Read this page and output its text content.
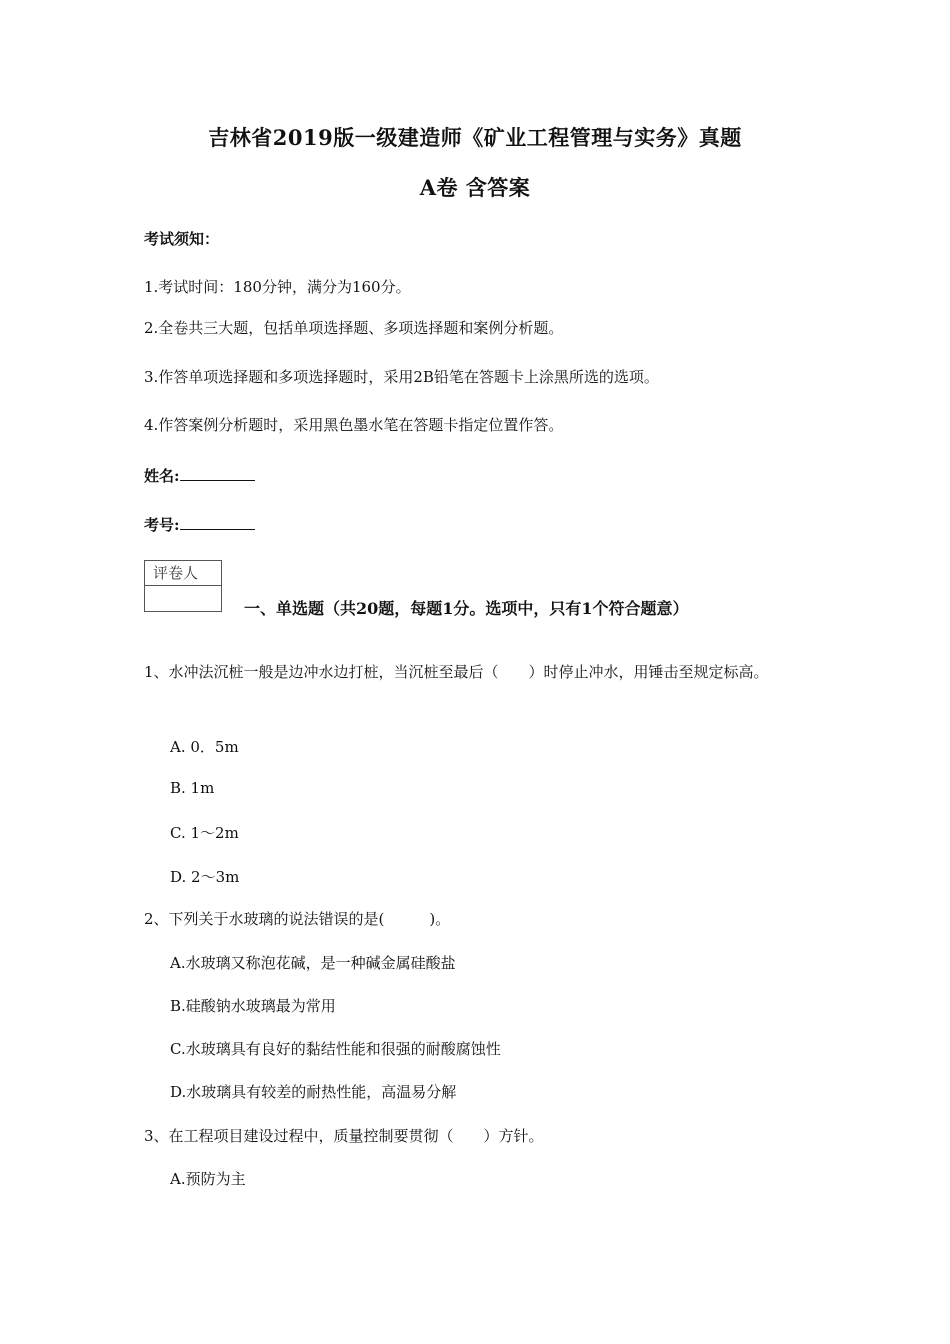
吉林省2019版一级建造师《矿业工程管理与实务》真题
A卷 含答案
考试须知：
1.考试时间：180分钟，满分为160分。
2.全卷共三大题，包括单项选择题、多项选择题和案例分析题。
3.作答单项选择题和多项选择题时，采用2B铅笔在答题卡上涂黑所选的选项。
4.作答案例分析题时，采用黑色墨水笔在答题卡指定位置作答。
姓名:
考号:
评卷人
一、单选题（共20题，每题1分。选项中，只有1个符合题意）
1、水冲法沉桩一般是边冲水边打桩，当沉桩至最后（　　）时停止冲水，用锤击至规定标高。
A. 0．5m
B. 1m
C. 1～2m
D. 2～3m
2、下列关于水玻璃的说法错误的是(　　　)。
A.水玻璃又称泡花碱，是一种碱金属硅酸盐
B.硅酸钠水玻璃最为常用
C.水玻璃具有良好的黏结性能和很强的耐酸腐蚀性
D.水玻璃具有较差的耐热性能，高温易分解
3、在工程项目建设过程中，质量控制要贯彻（　　）方针。
A.预防为主
